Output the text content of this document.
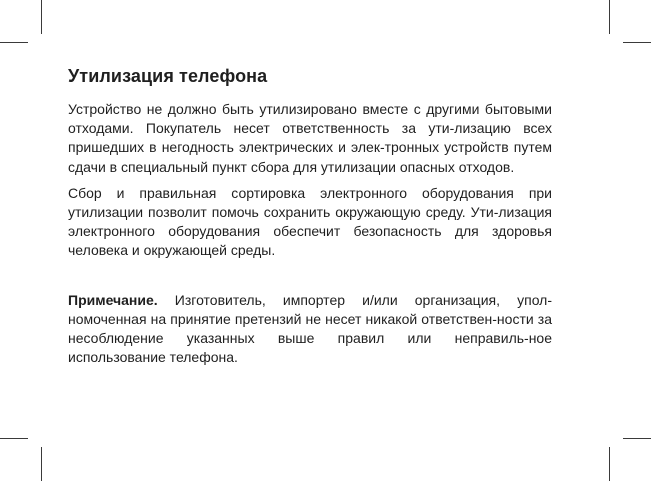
Утилизация телефона

Устройство не должно быть утилизировано вместе с другими бытовыми отходами. Покупатель несет ответственность за ути-лизацию всех пришедших в негодность электрических и элек-тронных устройств путем сдачи в специальный пункт сбора для утилизации опасных отходов.

Сбор и правильная сортировка электронного оборудования при утилизации позволит помочь сохранить окружающую среду. Ути-лизация электронного оборудования обеспечит безопасность для здоровья человека и окружающей среды.

Примечание. Изготовитель, импортер и/или организация, упол-номоченная на принятие претензий не несет никакой ответствен-ности за несоблюдение указанных выше правил или неправиль-ное использование телефона.
